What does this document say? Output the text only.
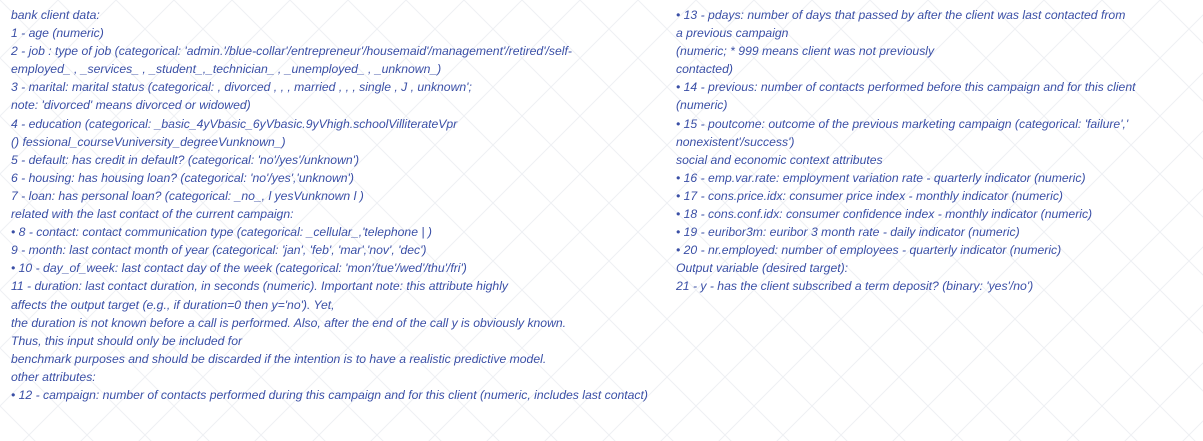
bank client data:
1 - age (numeric)
2 - job : type of job (categorical: 'admin.'/blue-collar'/entrepreneur'/housemaid'/management'/retired'/self-
employed_ , _services_ , _student_,_technician_ , _unemployed_ , _unknown_)
3 - marital: marital status (categorical: , divorced , , , married , , , single , J , unknown';
note: 'divorced' means divorced or widowed)
4 - education (categorical: _basic_4yVbasic_6yVbasic.9yVhigh.schoolVilliterateVpr
() fessional_courseVuniversity_degreeVunknown_)
5 - default: has credit in default? (categorical: 'no'/yes'/unknown')
6 - housing: has housing loan? (categorical: 'no'/yes','unknown')
7 - loan: has personal loan? (categorical: _no_, l yesVunknown l )
related with the last contact of the current campaign:
• 8 - contact: contact communication type (categorical: _cellular_,'telephone | )
9 - month: last contact month of year (categorical: 'jan', 'feb', 'mar','nov', 'dec')
• 10 - day_of_week: last contact day of the week (categorical: 'mon'/tue'/wed'/thu'/fri')
11 - duration: last contact duration, in seconds (numeric). Important note: this attribute highly
affects the output target (e.g., if duration=0 then y='no'). Yet,
the duration is not known before a call is performed. Also, after the end of the call y is obviously known.
Thus, this input should only be included for
benchmark purposes and should be discarded if the intention is to have a realistic predictive model.
other attributes:
• 12 - campaign: number of contacts performed during this campaign and for this client (numeric, includes last contact)
• 13 - pdays: number of days that passed by after the client was last contacted from
a previous campaign
(numeric; * 999 means client was not previously
contacted)
• 14 - previous: number of contacts performed before this campaign and for this client
(numeric)
• 15 - poutcome: outcome of the previous marketing campaign (categorical: 'failure','
nonexistent'/success')
social and economic context attributes
• 16 - emp.var.rate: employment variation rate - quarterly indicator (numeric)
• 17 - cons.price.idx: consumer price index - monthly indicator (numeric)
• 18 - cons.conf.idx: consumer confidence index - monthly indicator (numeric)
• 19 - euribor3m: euribor 3 month rate - daily indicator (numeric)
• 20 - nr.employed: number of employees - quarterly indicator (numeric)
Output variable (desired target):
21 - y - has the client subscribed a term deposit? (binary: 'yes'/no')
